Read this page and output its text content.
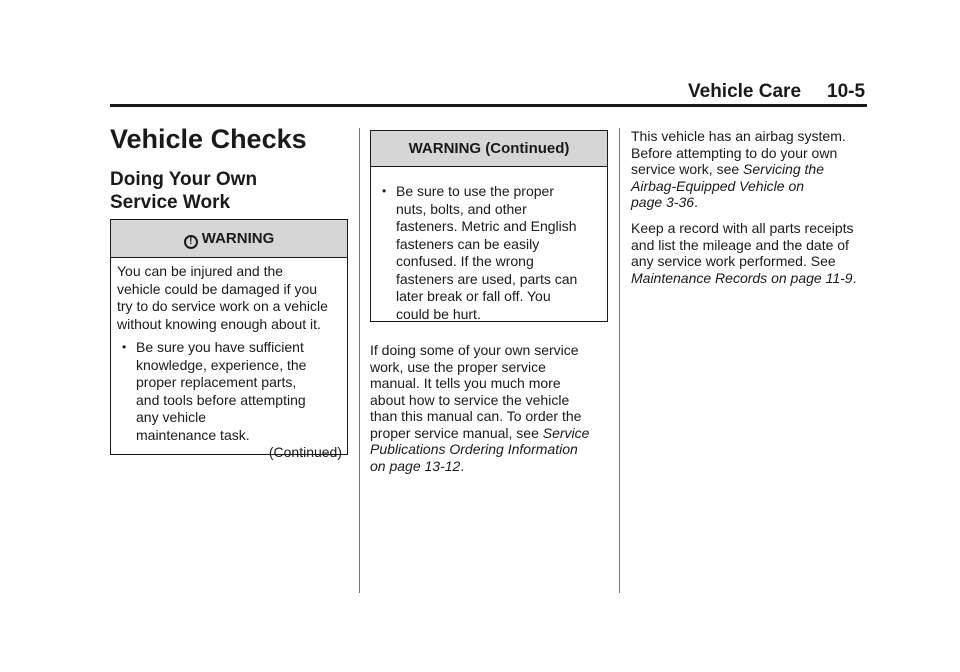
Vehicle Care 10-5
Vehicle Checks
Doing Your Own
Service Work
! WARNING
You can be injured and the
vehicle could be damaged if you
try to do service work on a vehicle
without knowing enough about it.
• Be sure you have sufficient
knowledge, experience, the
proper replacement parts,
and tools before attempting
any vehicle
maintenance task.
(Continued)
WARNING (Continued)
• Be sure to use the proper
nuts, bolts, and other
fasteners. Metric and English
fasteners can be easily
confused. If the wrong
fasteners are used, parts can
later break or fall off. You
could be hurt.

If doing some of your own service

work, use the proper service

manual. It tells you much more

about how to service the vehicle

than this manual can. To order the

proper service manual, see Service

Publications Ordering Information

on page 13-12.

This vehicle has an airbag system.

Before attempting to do your own

service work, see Servicing the

Airbag-Equipped Vehicle on

page 3-36.

Keep a record with all parts receipts

and list the mileage and the date of

any service work performed. See

Maintenance Records on page 11-9.
